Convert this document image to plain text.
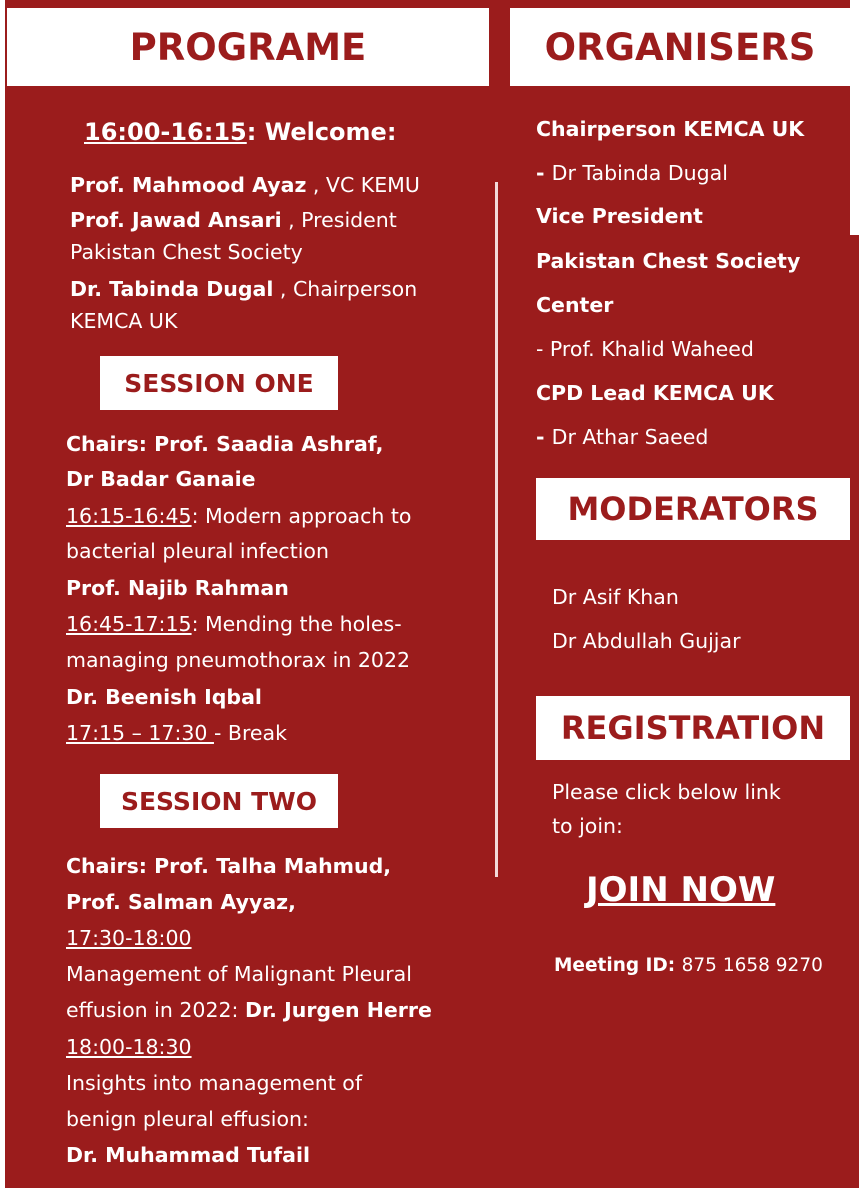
PROGRAME
16:00-16:15: Welcome:
Prof. Mahmood Ayaz , VC KEMU
Prof. Jawad Ansari , President
Pakistan Chest Society
Dr. Tabinda Dugal , Chairperson
KEMCA UK
SESSION ONE
Chairs: Prof. Saadia Ashraf,
Dr Badar Ganaie
16:15-16:45: Modern approach to
bacterial pleural infection
Prof. Najib Rahman
16:45-17:15: Mending the holes-
managing pneumothorax in 2022
Dr. Beenish Iqbal
17:15 – 17:30 - Break
SESSION TWO
Chairs: Prof. Talha Mahmud,
Prof. Salman Ayyaz,
17:30-18:00
Management of Malignant Pleural
effusion in 2022: Dr. Jurgen Herre
18:00-18:30
Insights into management of
benign pleural effusion:
Dr. Muhammad Tufail
ORGANISERS
Chairperson KEMCA UK
- Dr Tabinda Dugal
Vice President
Pakistan Chest Society
Center
- Prof. Khalid Waheed
CPD Lead KEMCA UK
- Dr Athar Saeed
MODERATORS
Dr Asif Khan
Dr Abdullah Gujjar
REGISTRATION
Please click below link
to join:
JOIN NOW
Meeting ID: 875 1658 9270
